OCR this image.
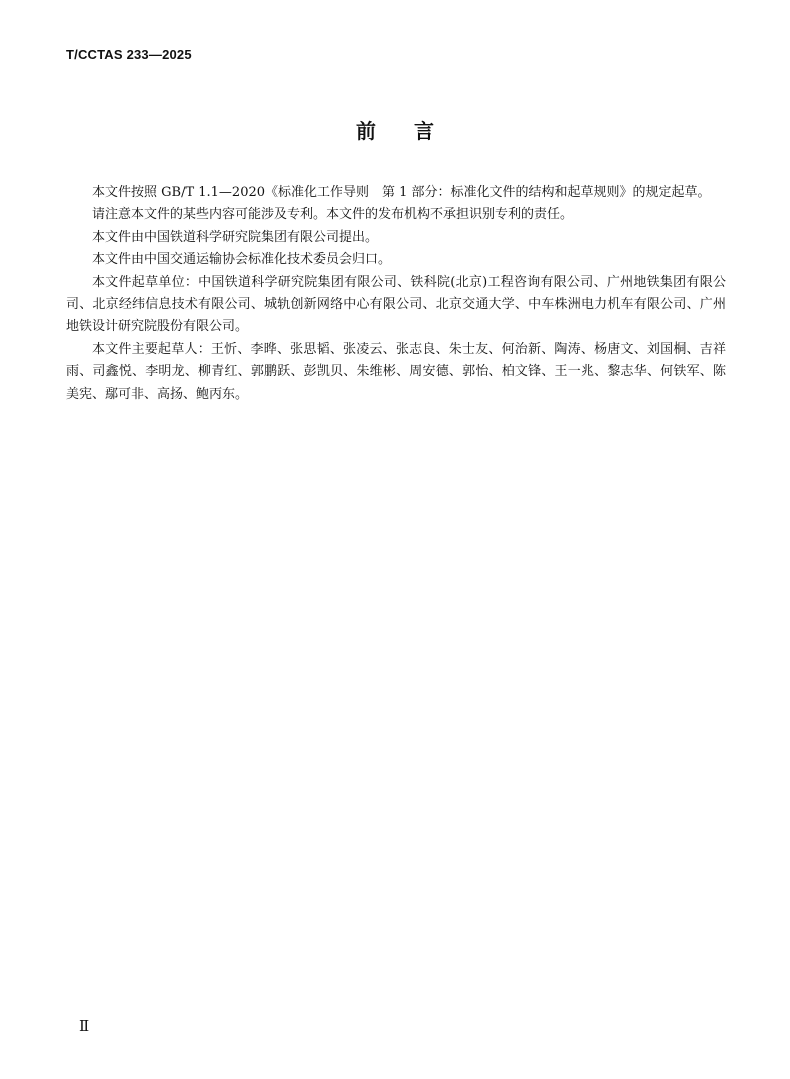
T/CCTAS 233—2025

前言

本文件按照 GB/T 1.1—2020《标准化工作导则　第 1 部分：标准化文件的结构和起草规则》的规定起草。

请注意本文件的某些内容可能涉及专利。本文件的发布机构不承担识别专利的责任。

本文件由中国铁道科学研究院集团有限公司提出。

本文件由中国交通运输协会标准化技术委员会归口。

本文件起草单位：中国铁道科学研究院集团有限公司、铁科院(北京)工程咨询有限公司、广州地铁集团有限公司、北京经纬信息技术有限公司、城轨创新网络中心有限公司、北京交通大学、中车株洲电力机车有限公司、广州地铁设计研究院股份有限公司。

本文件主要起草人：王忻、李晔、张思韬、张凌云、张志良、朱士友、何治新、陶涛、杨唐文、刘国桐、吉祥雨、司鑫悦、李明龙、柳青红、郭鹏跃、彭凯贝、朱维彬、周安德、郭怡、柏文锋、王一兆、黎志华、何铁军、陈美宪、鄢可非、高扬、鲍丙东。

Ⅱ
